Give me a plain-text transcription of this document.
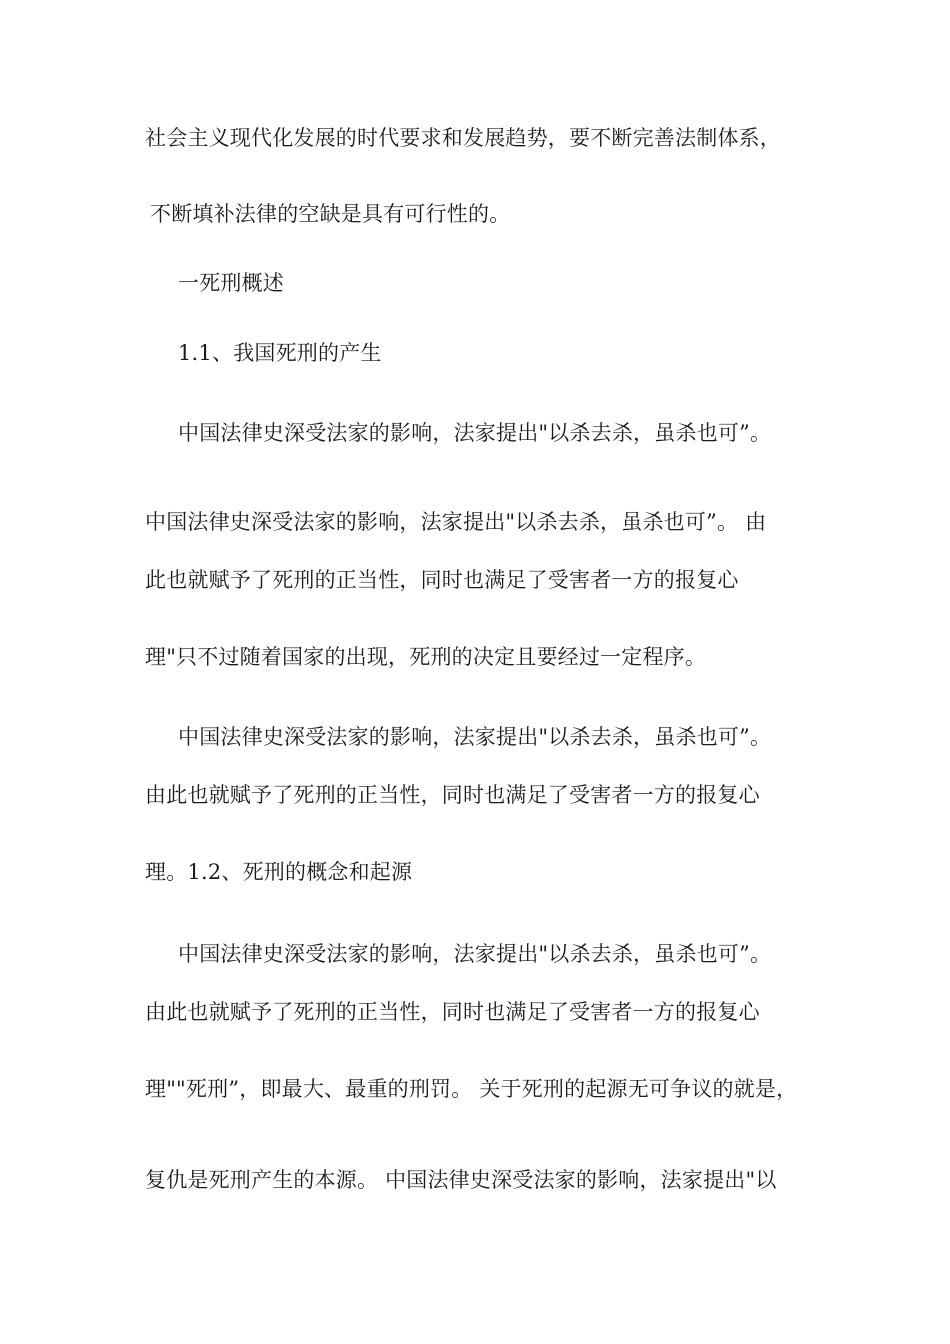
社会主义现代化发展的时代要求和发展趋势，要不断完善法制体系，
不断填补法律的空缺是具有可行性的。
一死刑概述
1.1、我国死刑的产生
中国法律史深受法家的影响，法家提出"以杀去杀，虽杀也可”。
中国法律史深受法家的影响，法家提出"以杀去杀，虽杀也可”。 由
此也就赋予了死刑的正当性，同时也满足了受害者一方的报复心
理"只不过随着国家的出现，死刑的决定且要经过一定程序。
中国法律史深受法家的影响，法家提出"以杀去杀，虽杀也可”。
由此也就赋予了死刑的正当性，同时也满足了受害者一方的报复心
理。1.2、死刑的概念和起源
中国法律史深受法家的影响，法家提出"以杀去杀，虽杀也可”。
由此也就赋予了死刑的正当性，同时也满足了受害者一方的报复心
理""死刑”，即最大、最重的刑罚。 关于死刑的起源无可争议的就是，
复仇是死刑产生的本源。 中国法律史深受法家的影响，法家提出"以
